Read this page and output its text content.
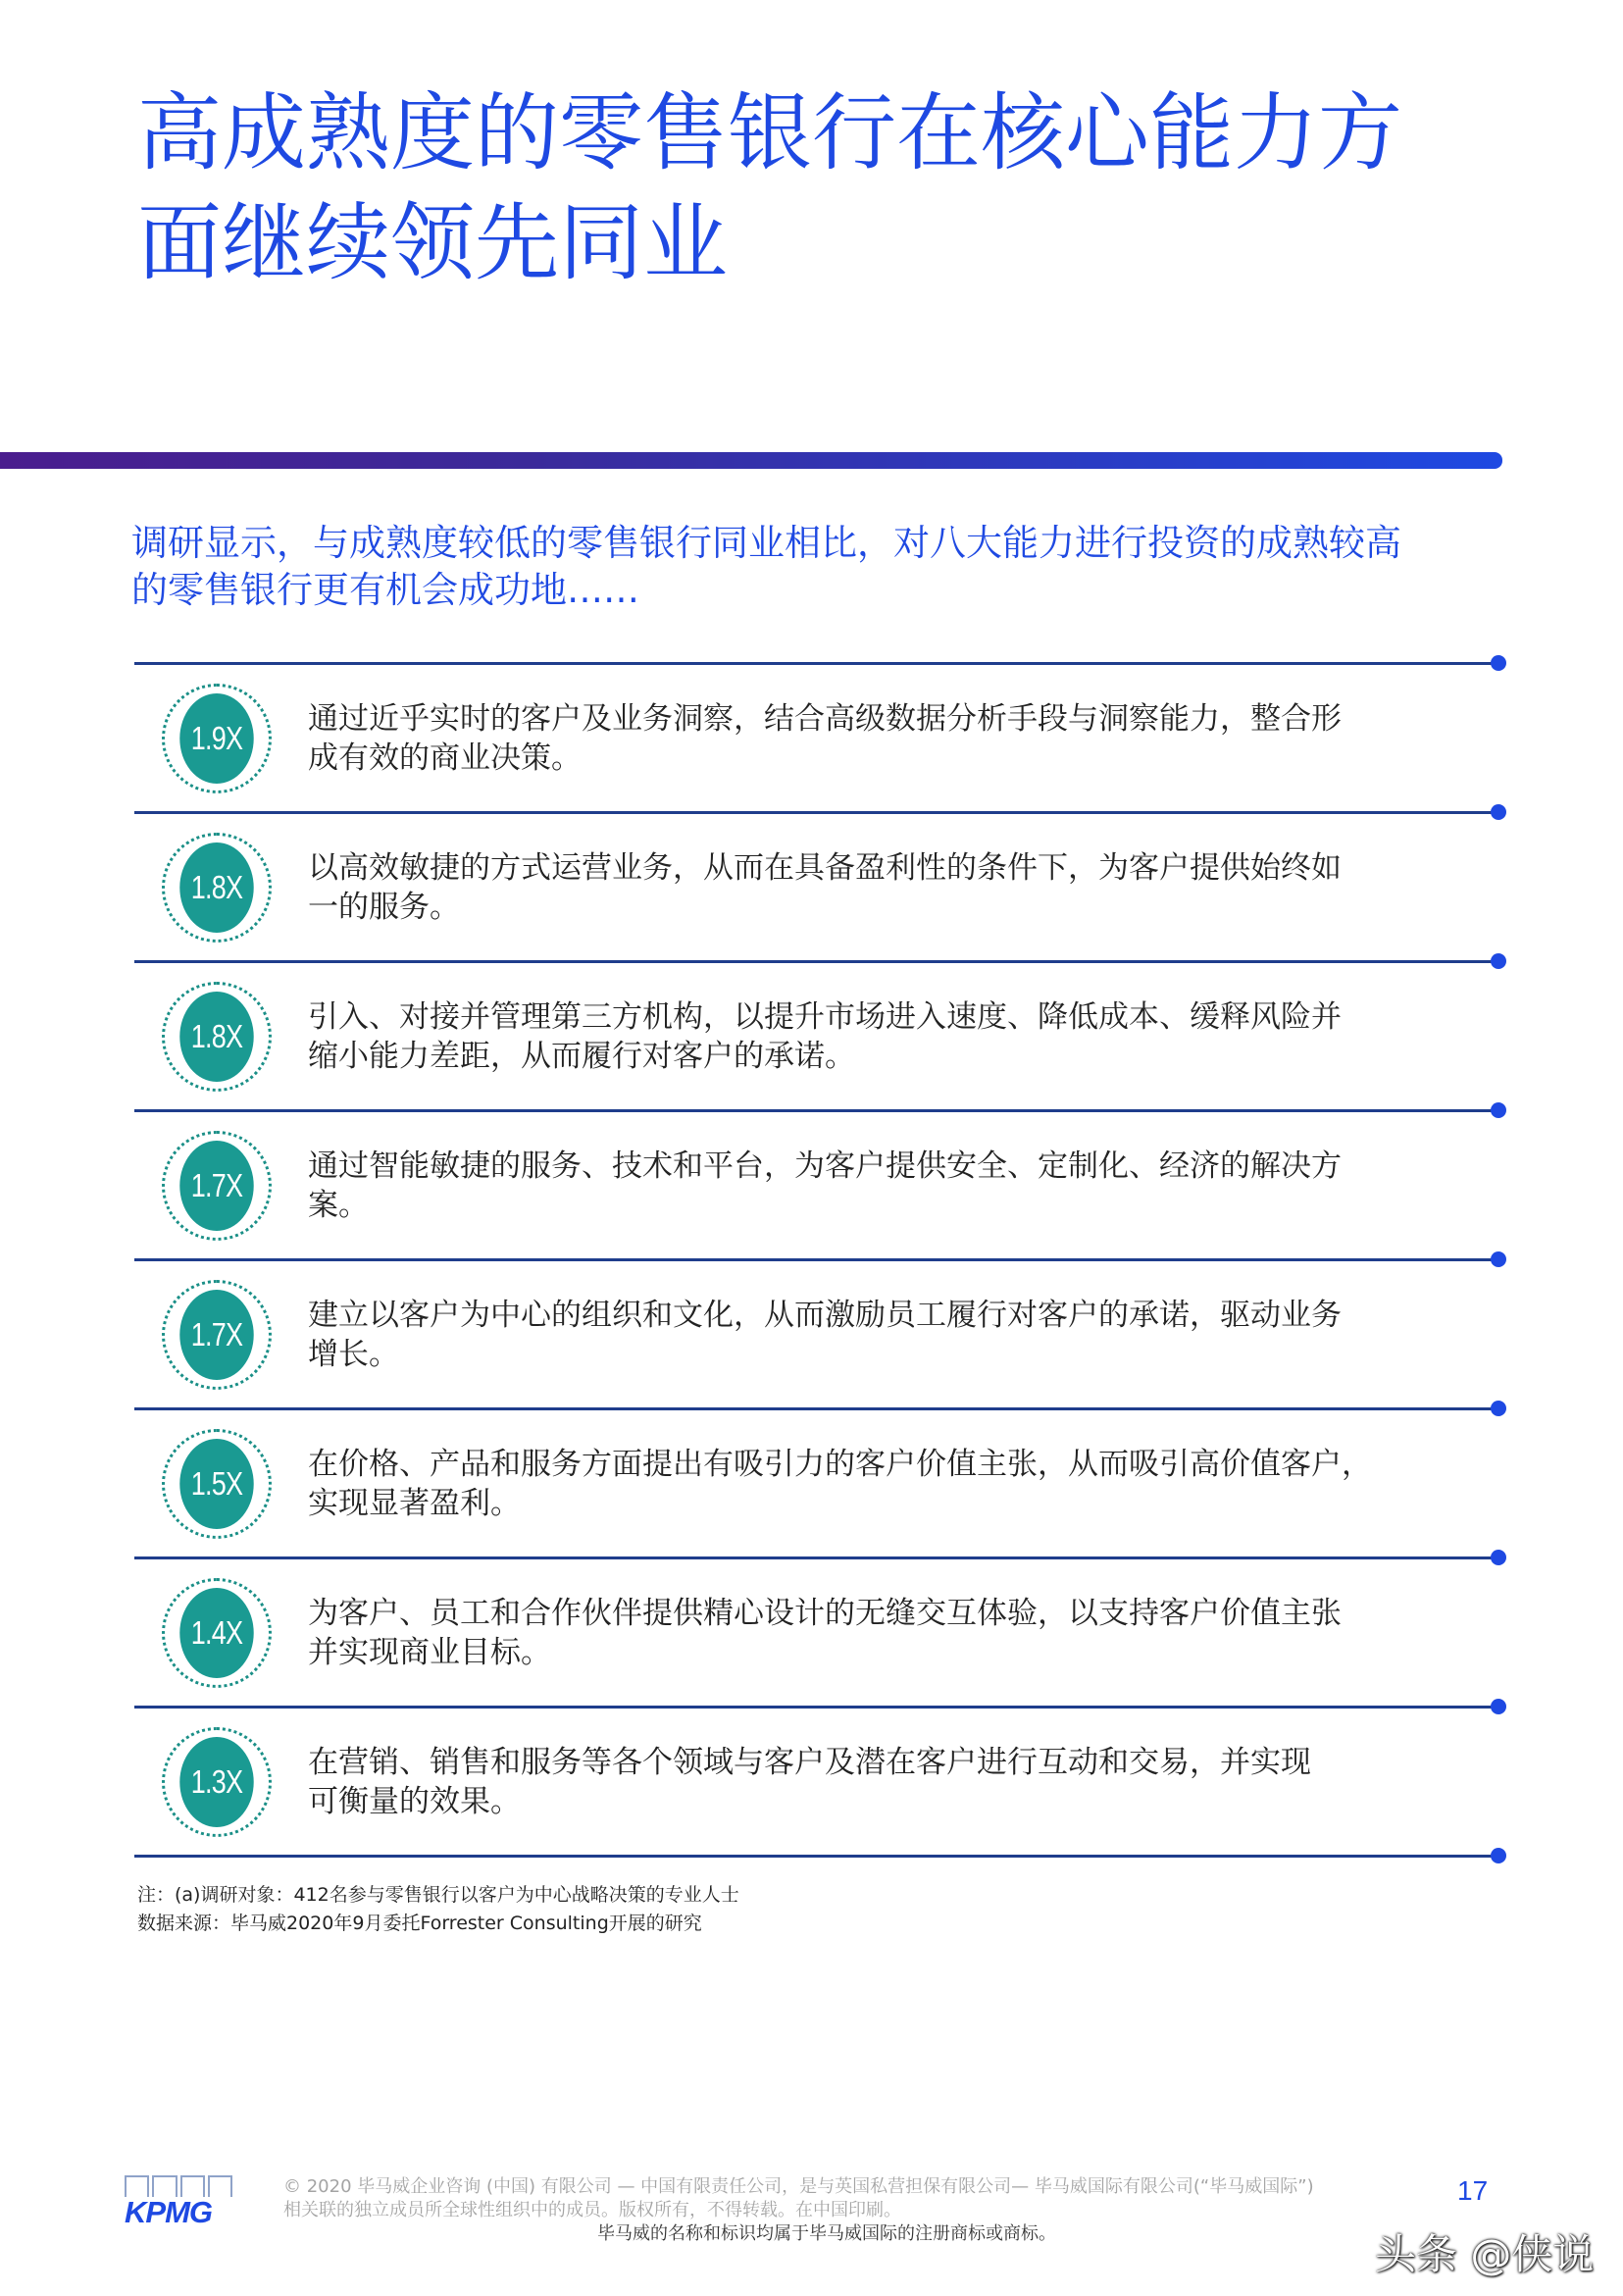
高成熟度的零售银行在核心能力方
面继续领先同业

调研显示，与成熟度较低的零售银行同业相比，对八大能力进行投资的成熟较高
的零售银行更有机会成功地……

1.9X
通过近乎实时的客户及业务洞察，结合高级数据分析手段与洞察能力，整合形
成有效的商业决策。
1.8X
以高效敏捷的方式运营业务，从而在具备盈利性的条件下，为客户提供始终如
一的服务。
1.8X
引入、对接并管理第三方机构，以提升市场进入速度、降低成本、缓释风险并
缩小能力差距，从而履行对客户的承诺。
1.7X
通过智能敏捷的服务、技术和平台，为客户提供安全、定制化、经济的解决方
案。
1.7X
建立以客户为中心的组织和文化，从而激励员工履行对客户的承诺，驱动业务
增长。
1.5X
在价格、产品和服务方面提出有吸引力的客户价值主张，从而吸引高价值客户，
实现显著盈利。
1.4X
为客户、员工和合作伙伴提供精心设计的无缝交互体验，以支持客户价值主张
并实现商业目标。
1.3X
在营销、销售和服务等各个领域与客户及潜在客户进行互动和交易，并实现
可衡量的效果。
注：(a)调研对象：412名参与零售银行以客户为中心战略决策的专业人士
数据来源：毕马威2020年9月委托Forrester Consulting开展的研究
KPMG
© 2020 毕马威企业咨询 (中国) 有限公司 — 中国有限责任公司，是与英国私营担保有限公司— 毕马威国际有限公司(“毕马威国际”)
相关联的独立成员所全球性组织中的成员。版权所有，不得转载。在中国印刷。
毕马威的名称和标识均属于毕马威国际的注册商标或商标。
17
头条 @侠说
